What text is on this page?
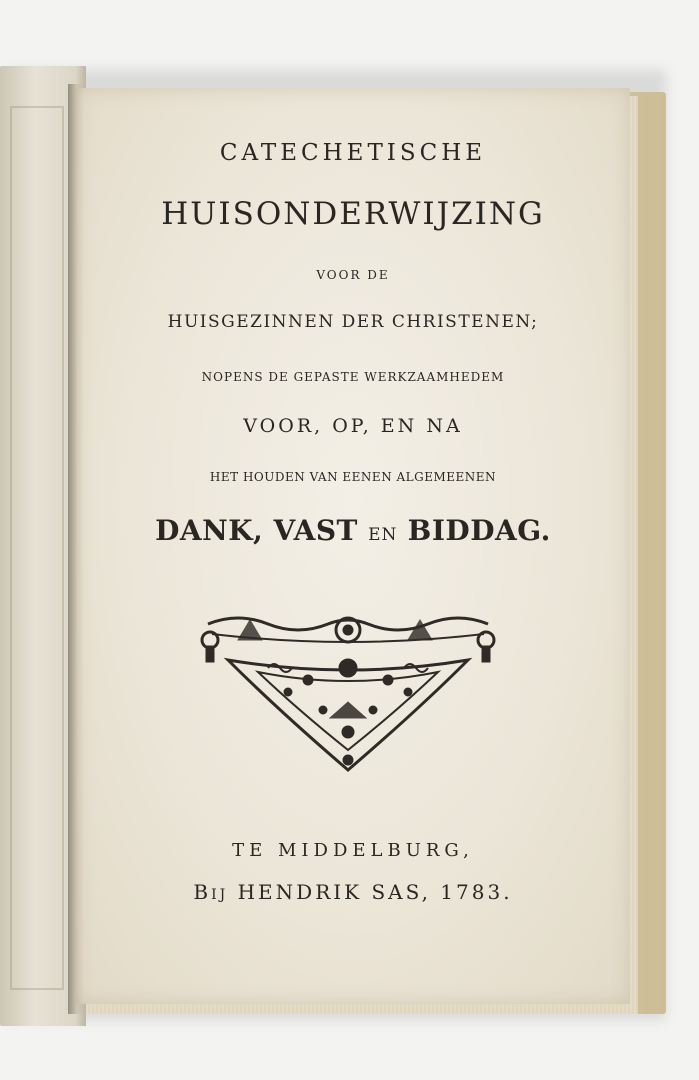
CATECHETISCHE
HUISONDERWIJZING
VOOR DE
HUISGEZINNEN DER CHRISTENEN;
NOPENS DE GEPASTE WERKZAAMHEDEM
VOOR, OP, EN NA
HET HOUDEN VAN EENEN ALGEMEENEN
DANK, VAST EN BIDDAG.
TE MIDDELBURG,
Bij HENDRIK SAS, 1783.
